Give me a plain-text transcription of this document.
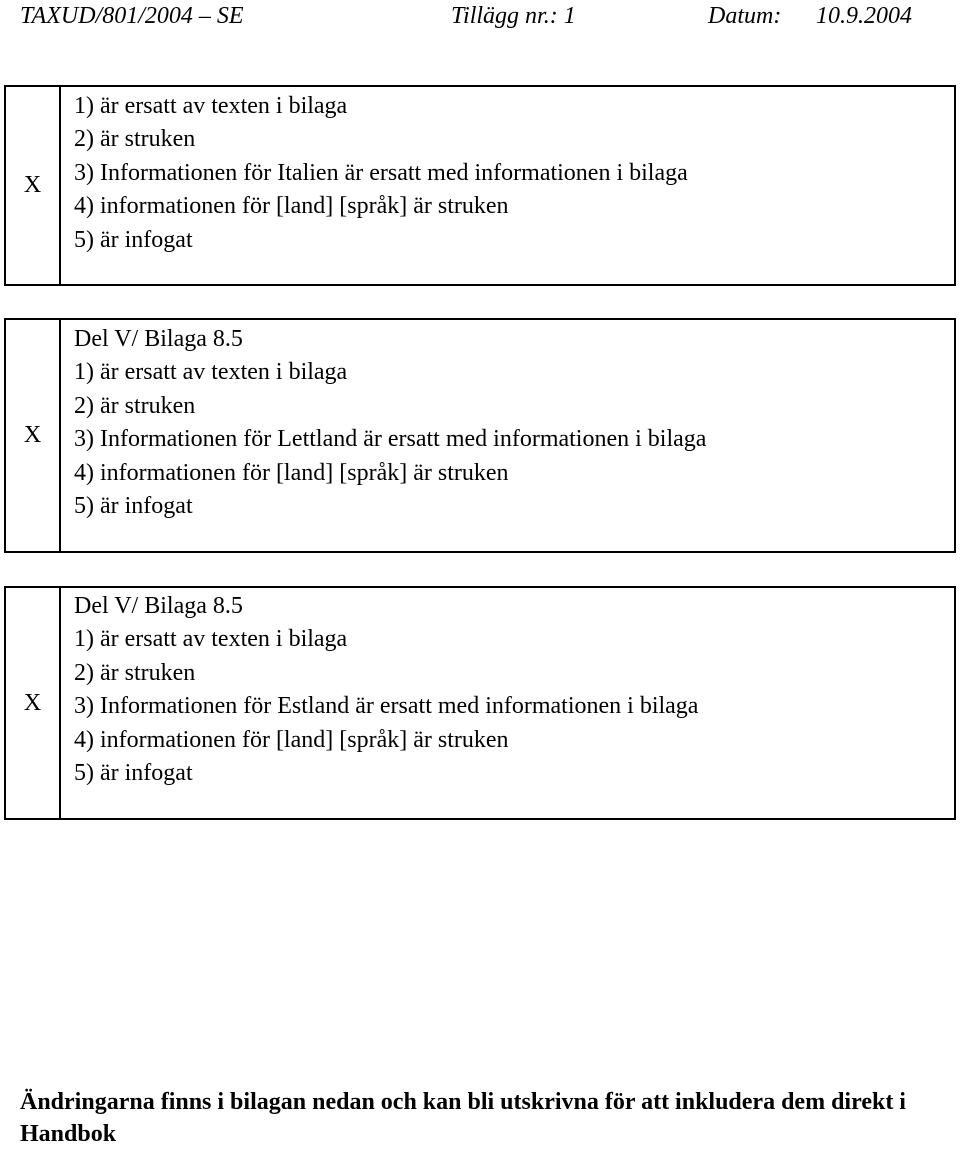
TAXUD/801/2004 – SE	Tillägg nr.: 1	Datum: 10.9.2004
X
1) är ersatt av texten i bilaga
2) är struken
3) Informationen för Italien är ersatt med informationen i bilaga
4) informationen för [land] [språk] är struken
5) är infogat
X
Del V/ Bilaga 8.5
1) är ersatt av texten i bilaga
2) är struken
3) Informationen för Lettland är ersatt med informationen i bilaga
4) informationen för [land] [språk] är struken
5) är infogat
X
Del V/ Bilaga 8.5
1) är ersatt av texten i bilaga
2) är struken
3) Informationen för Estland är ersatt med informationen i bilaga
4) informationen för [land] [språk] är struken
5) är infogat
Ändringarna finns i bilagan nedan och kan bli utskrivna för att inkludera dem direkt i Handbok
